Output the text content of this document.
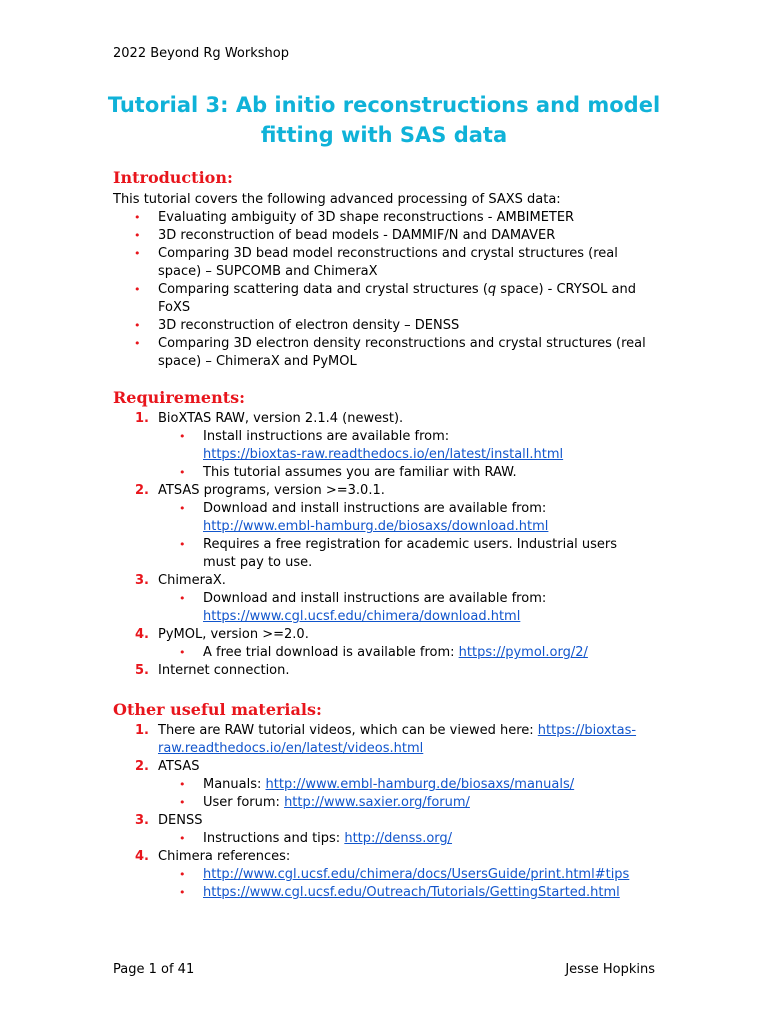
2022 Beyond Rg Workshop
Tutorial 3: Ab initio reconstructions and model fitting with SAS data
Introduction:
This tutorial covers the following advanced processing of SAXS data:
• Evaluating ambiguity of 3D shape reconstructions - AMBIMETER
• 3D reconstruction of bead models - DAMMIF/N and DAMAVER
• Comparing 3D bead model reconstructions and crystal structures (real space) – SUPCOMB and ChimeraX
• Comparing scattering data and crystal structures (q space) - CRYSOL and FoXS
• 3D reconstruction of electron density – DENSS
• Comparing 3D electron density reconstructions and crystal structures (real space) – ChimeraX and PyMOL
Requirements:
1. BioXTAS RAW, version 2.1.4 (newest).
• Install instructions are available from:
https://bioxtas-raw.readthedocs.io/en/latest/install.html
• This tutorial assumes you are familiar with RAW.
2. ATSAS programs, version >=3.0.1.
• Download and install instructions are available from:
http://www.embl-hamburg.de/biosaxs/download.html
• Requires a free registration for academic users. Industrial users must pay to use.
3. ChimeraX.
• Download and install instructions are available from:
https://www.cgl.ucsf.edu/chimera/download.html
4. PyMOL, version >=2.0.
• A free trial download is available from: https://pymol.org/2/
5. Internet connection.
Other useful materials:
1. There are RAW tutorial videos, which can be viewed here: https://bioxtas-raw.readthedocs.io/en/latest/videos.html
2. ATSAS
• Manuals: http://www.embl-hamburg.de/biosaxs/manuals/
• User forum: http://www.saxier.org/forum/
3. DENSS
• Instructions and tips: http://denss.org/
4. Chimera references:
• http://www.cgl.ucsf.edu/chimera/docs/UsersGuide/print.html#tips
• https://www.cgl.ucsf.edu/Outreach/Tutorials/GettingStarted.html
Page 1 of 41	Jesse Hopkins
